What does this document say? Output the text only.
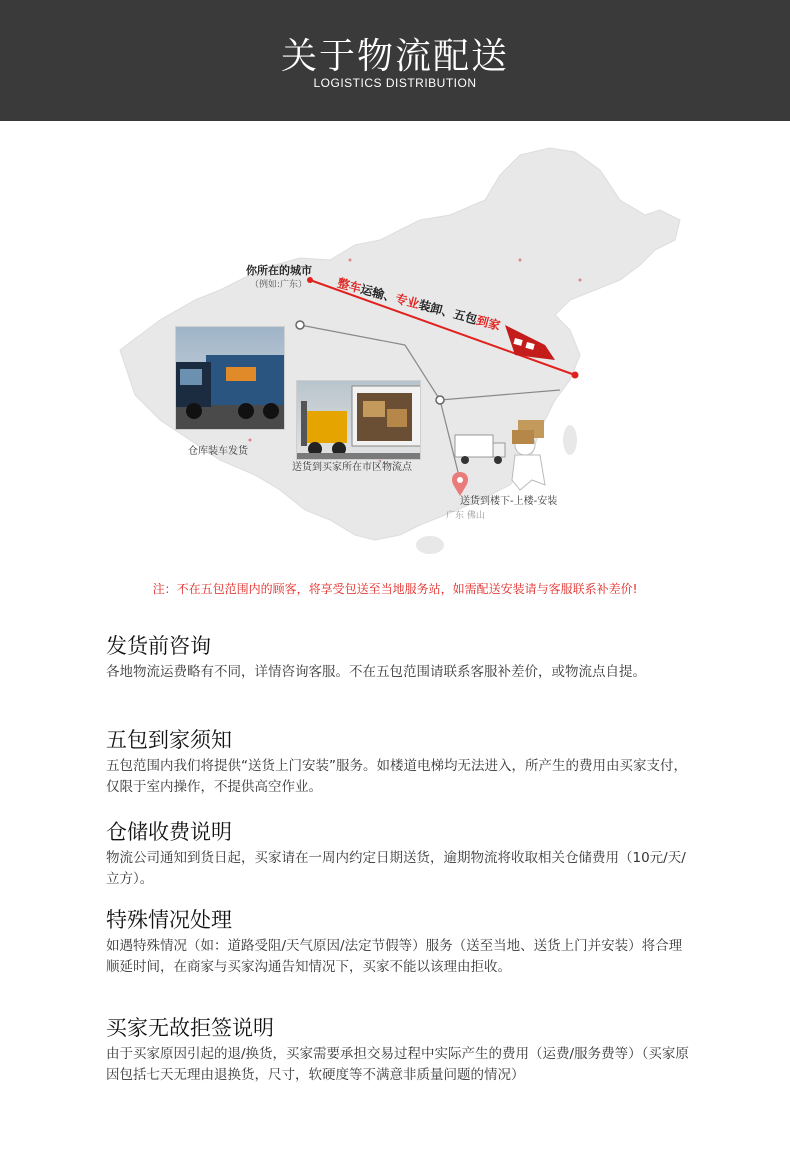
关于物流配送
LOGISTICS DISTRIBUTION
仓库装车发货
送货到买家所在市区物流点
你所在的城市
（例如:广东） 整车运输、专业装卸、五包到家
送货到楼下-上楼-安装
广东 佛山
注：不在五包范围内的顾客，将享受包送至当地服务站，如需配送安装请与客服联系补差价!
发货前咨询
各地物流运费略有不同，详情咨询客服。不在五包范围请联系客服补差价，或物流点自提。
五包到家须知
五包范围内我们将提供“送货上门安装”服务。如楼道电梯均无法进入，所产生的费用由买家支付，仅限于室内操作，不提供高空作业。
仓储收费说明
物流公司通知到货日起，买家请在一周内约定日期送货，逾期物流将收取相关仓储费用（10元/天/立方）。
特殊情况处理
如遇特殊情况（如：道路受阻/天气原因/法定节假等）服务（送至当地、送货上门并安装）将合理顺延时间，在商家与买家沟通告知情况下，买家不能以该理由拒收。
买家无故拒签说明
由于买家原因引起的退/换货，买家需要承担交易过程中实际产生的费用（运费/服务费等）（买家原因包括七天无理由退换货，尺寸，软硬度等不满意非质量问题的情况）
